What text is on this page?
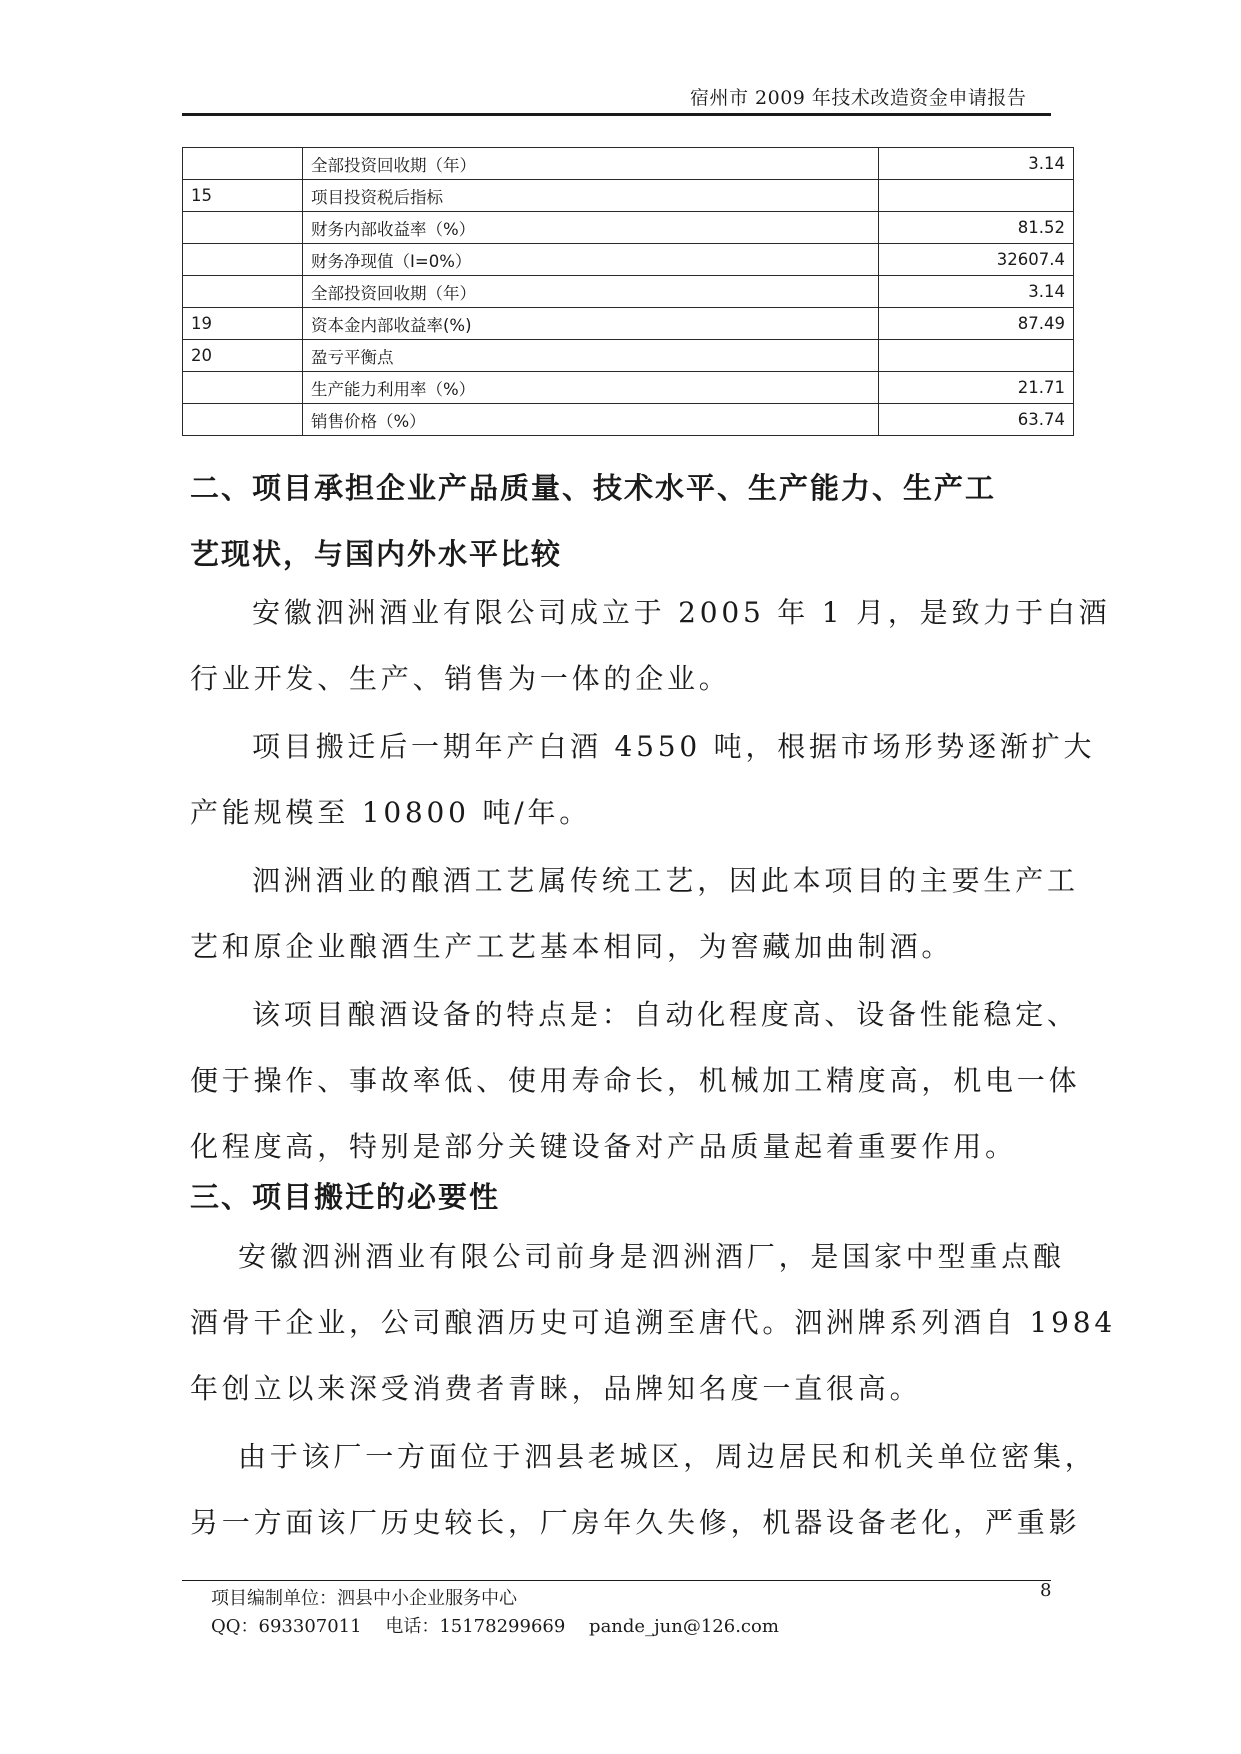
宿州市 2009 年技术改造资金申请报告
	全部投资回收期（年）	3.14
15	项目投资税后指标	
	财务内部收益率（%）	81.52
	财务净现值（I=0%）	32607.4
	全部投资回收期（年）	3.14
19	资本金内部收益率(%)	87.49
20	盈亏平衡点	
	生产能力利用率（%）	21.71
	销售价格（%）	63.74
二、项目承担企业产品质量、技术水平、生产能力、生产工
艺现状，与国内外水平比较
安徽泗洲酒业有限公司成立于 2005 年 1 月，是致力于白酒
行业开发、生产、销售为一体的企业。
项目搬迁后一期年产白酒 4550 吨，根据市场形势逐渐扩大
产能规模至 10800 吨/年。
泗洲酒业的酿酒工艺属传统工艺，因此本项目的主要生产工
艺和原企业酿酒生产工艺基本相同，为窖藏加曲制酒。
该项目酿酒设备的特点是：自动化程度高、设备性能稳定、
便于操作、事故率低、使用寿命长，机械加工精度高，机电一体
化程度高，特别是部分关键设备对产品质量起着重要作用。
三、项目搬迁的必要性
安徽泗洲酒业有限公司前身是泗洲酒厂，是国家中型重点酿
酒骨干企业，公司酿酒历史可追溯至唐代。泗洲牌系列酒自 1984
年创立以来深受消费者青睐，品牌知名度一直很高。
由于该厂一方面位于泗县老城区，周边居民和机关单位密集，
另一方面该厂历史较长，厂房年久失修，机器设备老化，严重影
项目编制单位：泗县中小企业服务中心	8
QQ：693307011 电话：15178299669 pande_jun@126.com
